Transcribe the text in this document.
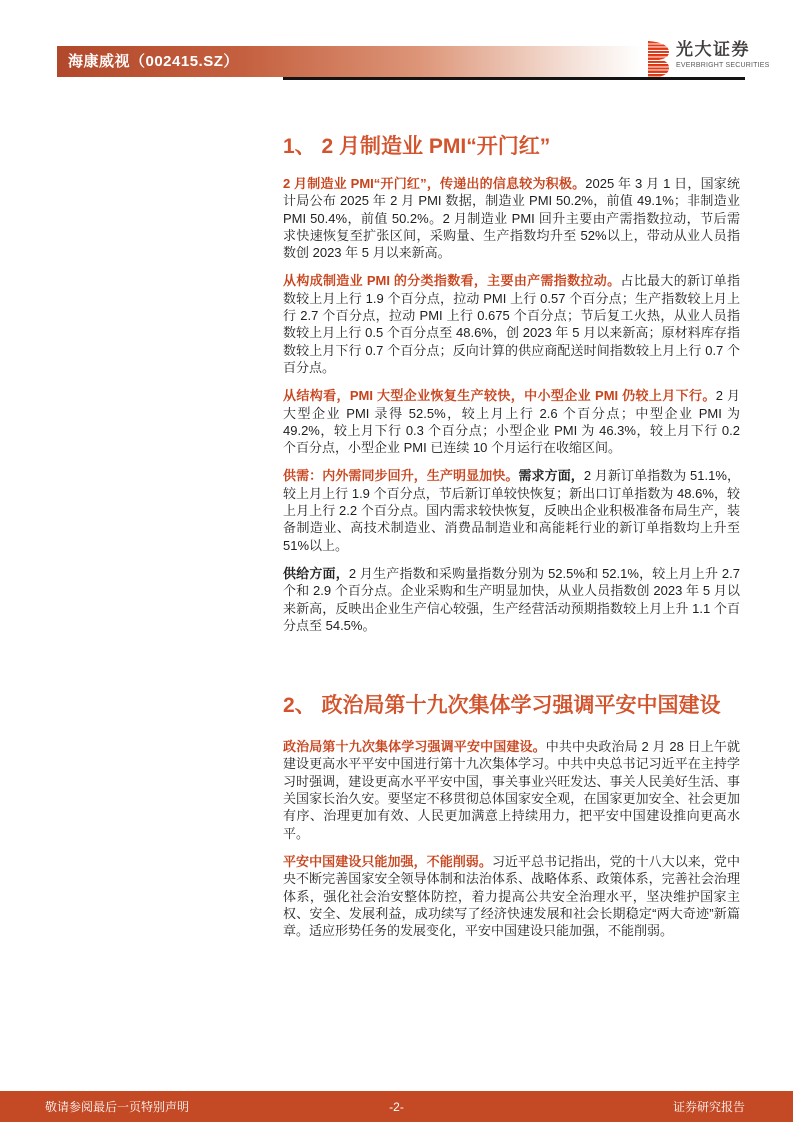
海康威视（002415.SZ）
光大证券
EVERBRIGHT SECURITIES
1、 2 月制造业 PMI“开门红”

2 月制造业 PMI“开门红”，传递出的信息较为积极。2025 年 3 月 1 日，国家统计局公布 2025 年 2 月 PMI 数据，制造业 PMI 50.2%，前值 49.1%；非制造业 PMI 50.4%，前值 50.2%。2 月制造业 PMI 回升主要由产需指数拉动，节后需求快速恢复至扩张区间，采购量、生产指数均升至 52%以上，带动从业人员指数创 2023 年 5 月以来新高。

从构成制造业 PMI 的分类指数看，主要由产需指数拉动。占比最大的新订单指数较上月上行 1.9 个百分点，拉动 PMI 上行 0.57 个百分点；生产指数较上月上行 2.7 个百分点，拉动 PMI 上行 0.675 个百分点；节后复工火热，从业人员指数较上月上行 0.5 个百分点至 48.6%，创 2023 年 5 月以来新高；原材料库存指数较上月下行 0.7 个百分点；反向计算的供应商配送时间指数较上月上行 0.7 个百分点。

从结构看，PMI 大型企业恢复生产较快，中小型企业 PMI 仍较上月下行。2 月大型企业 PMI 录得 52.5%，较上月上行 2.6 个百分点；中型企业 PMI 为 49.2%，较上月下行 0.3 个百分点；小型企业 PMI 为 46.3%，较上月下行 0.2 个百分点，小型企业 PMI 已连续 10 个月运行在收缩区间。

供需：内外需同步回升，生产明显加快。需求方面，2 月新订单指数为 51.1%，较上月上行 1.9 个百分点，节后新订单较快恢复；新出口订单指数为 48.6%，较上月上行 2.2 个百分点。国内需求较快恢复，反映出企业积极准备布局生产，装备制造业、高技术制造业、消费品制造业和高能耗行业的新订单指数均上升至 51%以上。

供给方面，2 月生产指数和采购量指数分别为 52.5%和 52.1%，较上月上升 2.7 个和 2.9 个百分点。企业采购和生产明显加快，从业人员指数创 2023 年 5 月以来新高，反映出企业生产信心较强，生产经营活动预期指数较上月上升 1.1 个百分点至 54.5%。

2、 政治局第十九次集体学习强调平安中国建设

政治局第十九次集体学习强调平安中国建设。中共中央政治局 2 月 28 日上午就建设更高水平平安中国进行第十九次集体学习。中共中央总书记习近平在主持学习时强调，建设更高水平平安中国，事关事业兴旺发达、事关人民美好生活、事关国家长治久安。要坚定不移贯彻总体国家安全观，在国家更加安全、社会更加有序、治理更加有效、人民更加满意上持续用力，把平安中国建设推向更高水平。

平安中国建设只能加强，不能削弱。习近平总书记指出，党的十八大以来，党中央不断完善国家安全领导体制和法治体系、战略体系、政策体系，完善社会治理体系，强化社会治安整体防控，着力提高公共安全治理水平，坚决维护国家主权、安全、发展利益，成功续写了经济快速发展和社会长期稳定“两大奇迹”新篇章。适应形势任务的发展变化，平安中国建设只能加强，不能削弱。

敬请参阅最后一页特别声明	-2-	证券研究报告
